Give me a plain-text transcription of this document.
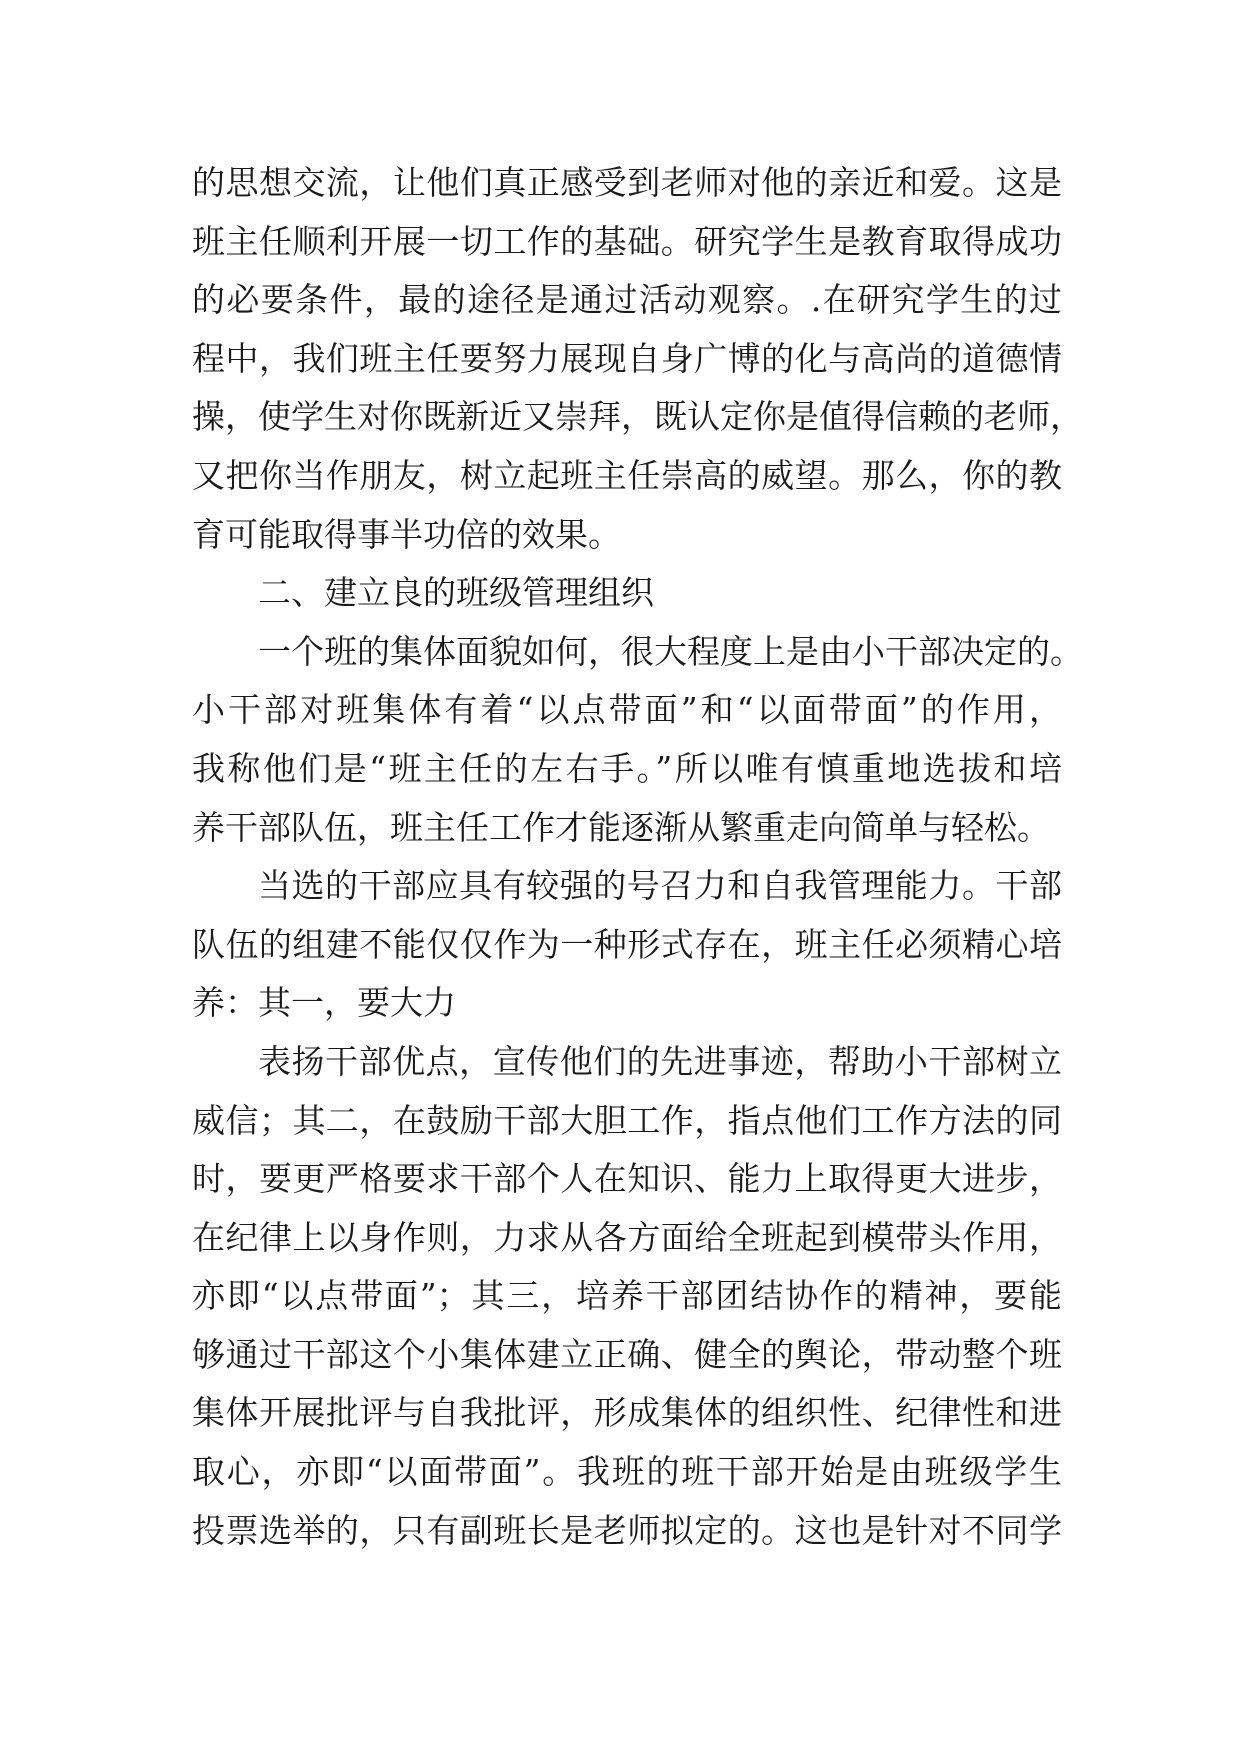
的思想交流，让他们真正感受到老师对他的亲近和爱。这是
班主任顺利开展一切工作的基础。研究学生是教育取得成功
的必要条件，最的途径是通过活动观察。.在研究学生的过
程中，我们班主任要努力展现自身广博的化与高尚的道德情
操，使学生对你既新近又崇拜，既认定你是值得信赖的老师，
又把你当作朋友，树立起班主任崇高的威望。那么，你的教
育可能取得事半功倍的效果。
二、建立良的班级管理组织
一个班的集体面貌如何，很大程度上是由小干部决定的。
小干部对班集体有着“以点带面”和“以面带面”的作用，
我称他们是“班主任的左右手。”所以唯有慎重地选拔和培
养干部队伍，班主任工作才能逐渐从繁重走向简单与轻松。
当选的干部应具有较强的号召力和自我管理能力。干部
队伍的组建不能仅仅作为一种形式存在，班主任必须精心培
养：其一，要大力
表扬干部优点，宣传他们的先进事迹，帮助小干部树立
威信；其二，在鼓励干部大胆工作，指点他们工作方法的同
时，要更严格要求干部个人在知识、能力上取得更大进步，
在纪律上以身作则，力求从各方面给全班起到模带头作用，
亦即“以点带面”；其三，培养干部团结协作的精神，要能
够通过干部这个小集体建立正确、健全的舆论，带动整个班
集体开展批评与自我批评，形成集体的组织性、纪律性和进
取心，亦即“以面带面”。我班的班干部开始是由班级学生
投票选举的，只有副班长是老师拟定的。这也是针对不同学
